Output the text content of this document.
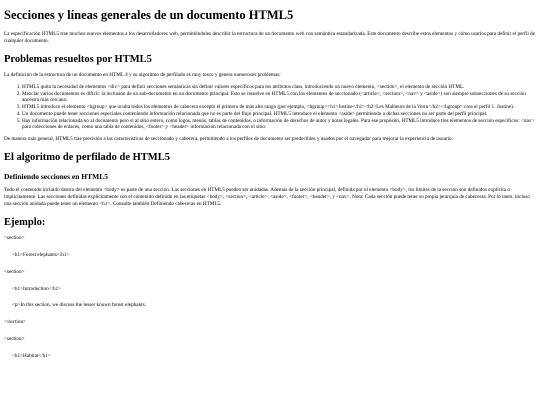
Secciones y líneas generales de un documento HTML5

La especificación HTML5 trae muchos nuevos elementos a los desarrolladores web, permitiéndoles describir la estructura de un documento web con semántica estandarizada. Este documento describe estos elementos y cómo usarlos para definir el perfil de cualquier documento.

Problemas resueltos por HTML5

La definición de la estructura de un documento en HTML 4 y su algoritmo de perfilado es muy tosco y genera numerosos problemas:

1. HTML5 quita la necesidad de elementos <div> para definir secciones semánticas sin definir valores específicos para los atributos class, introduciendo un nuevo elemento, <section>, el elemento de sección HTML.
2. Mezclar varios documentos es difícil: la inclusión de un sub-documento en un documento principal. Esto se resuelve en HTML5 con los elementos de seccionado (<article>, <section>, <nav> y <aside>) son siempre subsecciones de su sección ancestra más cercana.
3. HTML5 introduce el elemento <hgroup> que oculta todos los elementos de cabecera excepto el primero de más alto rango (por ejemplo, <hgroup><h1>Justine</h1><h2>Les Malheurs de la Vertu</h2></hgroup> crea el perfil 1. Justine).
4. Un documento puede tener secciones especiales conteniendo información relacionada que no es parte del flujo principal. HTML5 introduce el elemento <aside> permitiendo a dichas secciones no ser parte del perfil principal.
5. Hay información relacionada no al documento pero si al sitio entero, como logos, menús, tablas de contenidos, o información de derechos de autor y notas legales. Para ese propósito, HTML5 introduce tres elementos de sección específicos: <nav> para colecciones de enlaces, como una tabla de contenidos, <footer> y <header> información relacionada con el sitio.

De manera más general, HTML5 trae precisión a las características de seccionado y cabecera, permitiendo a los perfiles de documento ser predecibles y usados por el navegador para mejorar la experiencia de usuario.

El algoritmo de perfilado de HTML5
Definiendo secciones en HTML5

Todo el contenido incluido dentro del elemento <body> es parte de una sección. Las secciones en HTML5 pueden ser anidadas. Además de la sección principal, definida por el elemento <body>, los límites de la sección son definidos explícita o implícitamente. Las secciones definidas explícitamente son el contenido definido en las etiquetas <body>, <section>, <article>, <aside>, <footer>, <header>, y <nav>. Nota: Cada sección puede tener su propia jerarquía de cabeceras. Por lo tanto, incluso una sección anidada puede tener un elemento <h1>. Consulte también Definiendo cabeceras en HTML5.

Ejemplo:

<section>

<h1>Forest elephants</h1>

<section>

<h1>Introduction</h1>

<p>In this section, we discuss the lesser known forest elephants.

</section>

<section>

<h1>Habitat</h1>
